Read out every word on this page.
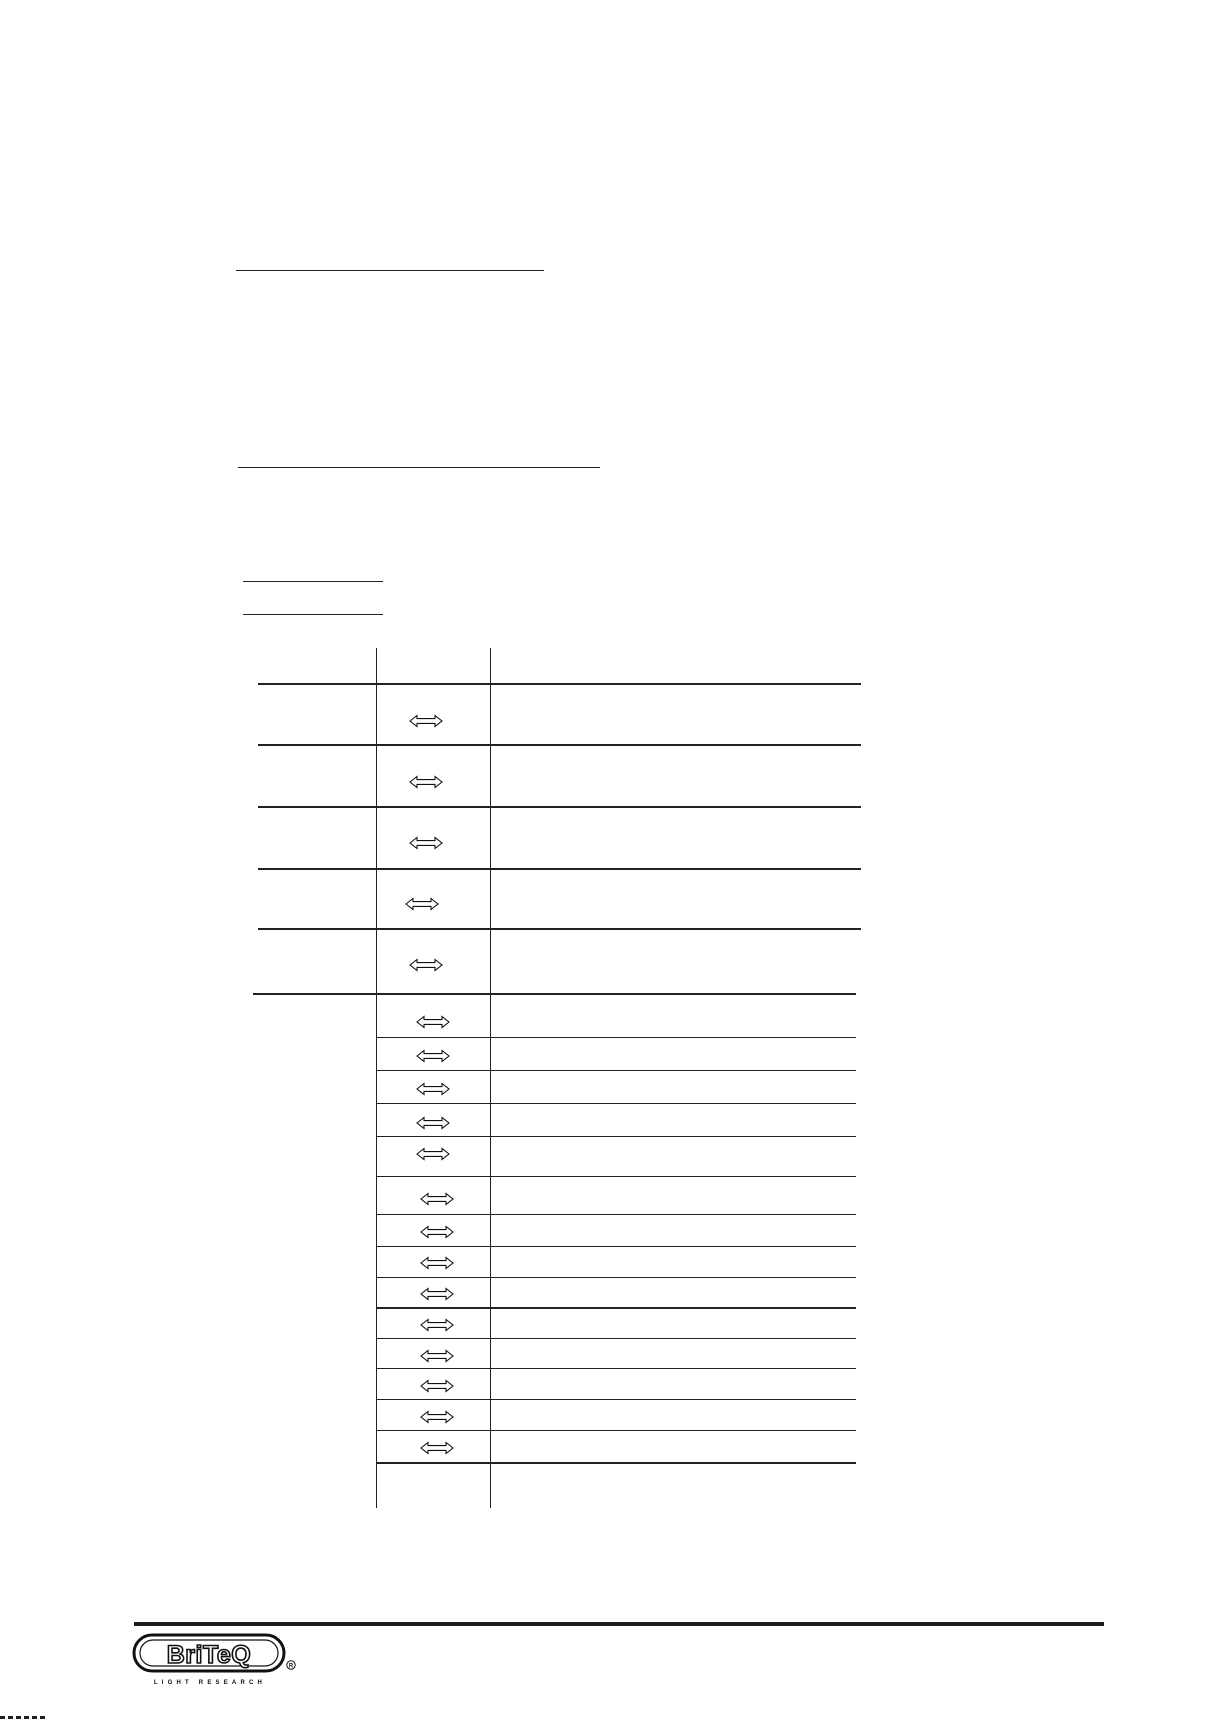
BriTeQ	R
LIGHT RESEARCH
